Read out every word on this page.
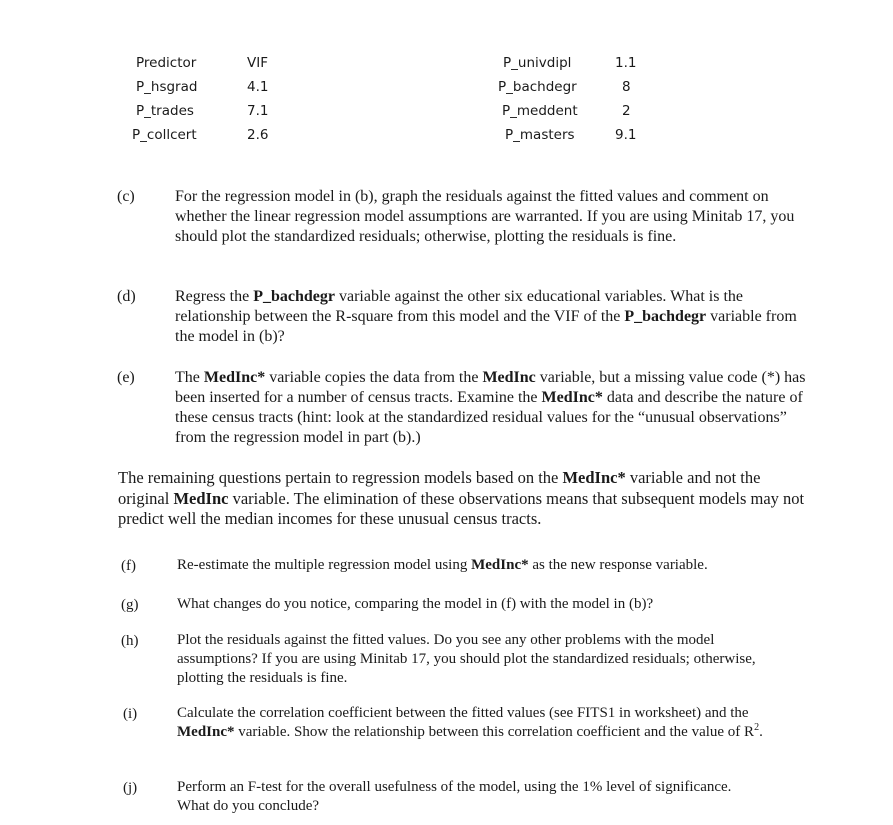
Predictor	VIF
P_hsgrad	4.1
P_trades	7.1
P_collcert	2.6
P_univdipl	1.1
P_bachdegr	8
P_meddent	2
P_masters	9.1
(c)	For the regression model in (b), graph the residuals against the fitted values and comment on whether the linear regression model assumptions are warranted. If you are using Minitab 17, you should plot the standardized residuals; otherwise, plotting the residuals is fine.
(d) Regress the P_bachdegr variable against the other six educational variables. What is the relationship between the R-square from this model and the VIF of the P_bachdegr variable from the model in (b)?
(e)	The MedInc* variable copies the data from the MedInc variable, but a missing value code (*) has been inserted for a number of census tracts. Examine the MedInc* data and describe the nature of these census tracts (hint: look at the standardized residual values for the “unusual observations” from the regression model in part (b).)
The remaining questions pertain to regression models based on the MedInc* variable and not the original MedInc variable. The elimination of these observations means that subsequent models may not predict well the median incomes for these unusual census tracts.
(f)	Re-estimate the multiple regression model using MedInc* as the new response variable.
(g)	What changes do you notice, comparing the model in (f) with the model in (b)?
(h)	Plot the residuals against the fitted values. Do you see any other problems with the model assumptions? If you are using Minitab 17, you should plot the standardized residuals; otherwise, plotting the residuals is fine.
(i)	Calculate the correlation coefficient between the fitted values (see FITS1 in worksheet) and the MedInc* variable. Show the relationship between this correlation coefficient and the value of $R^2$.
(j)	Perform an F-test for the overall usefulness of the model, using the 1% level of significance. What do you conclude?
